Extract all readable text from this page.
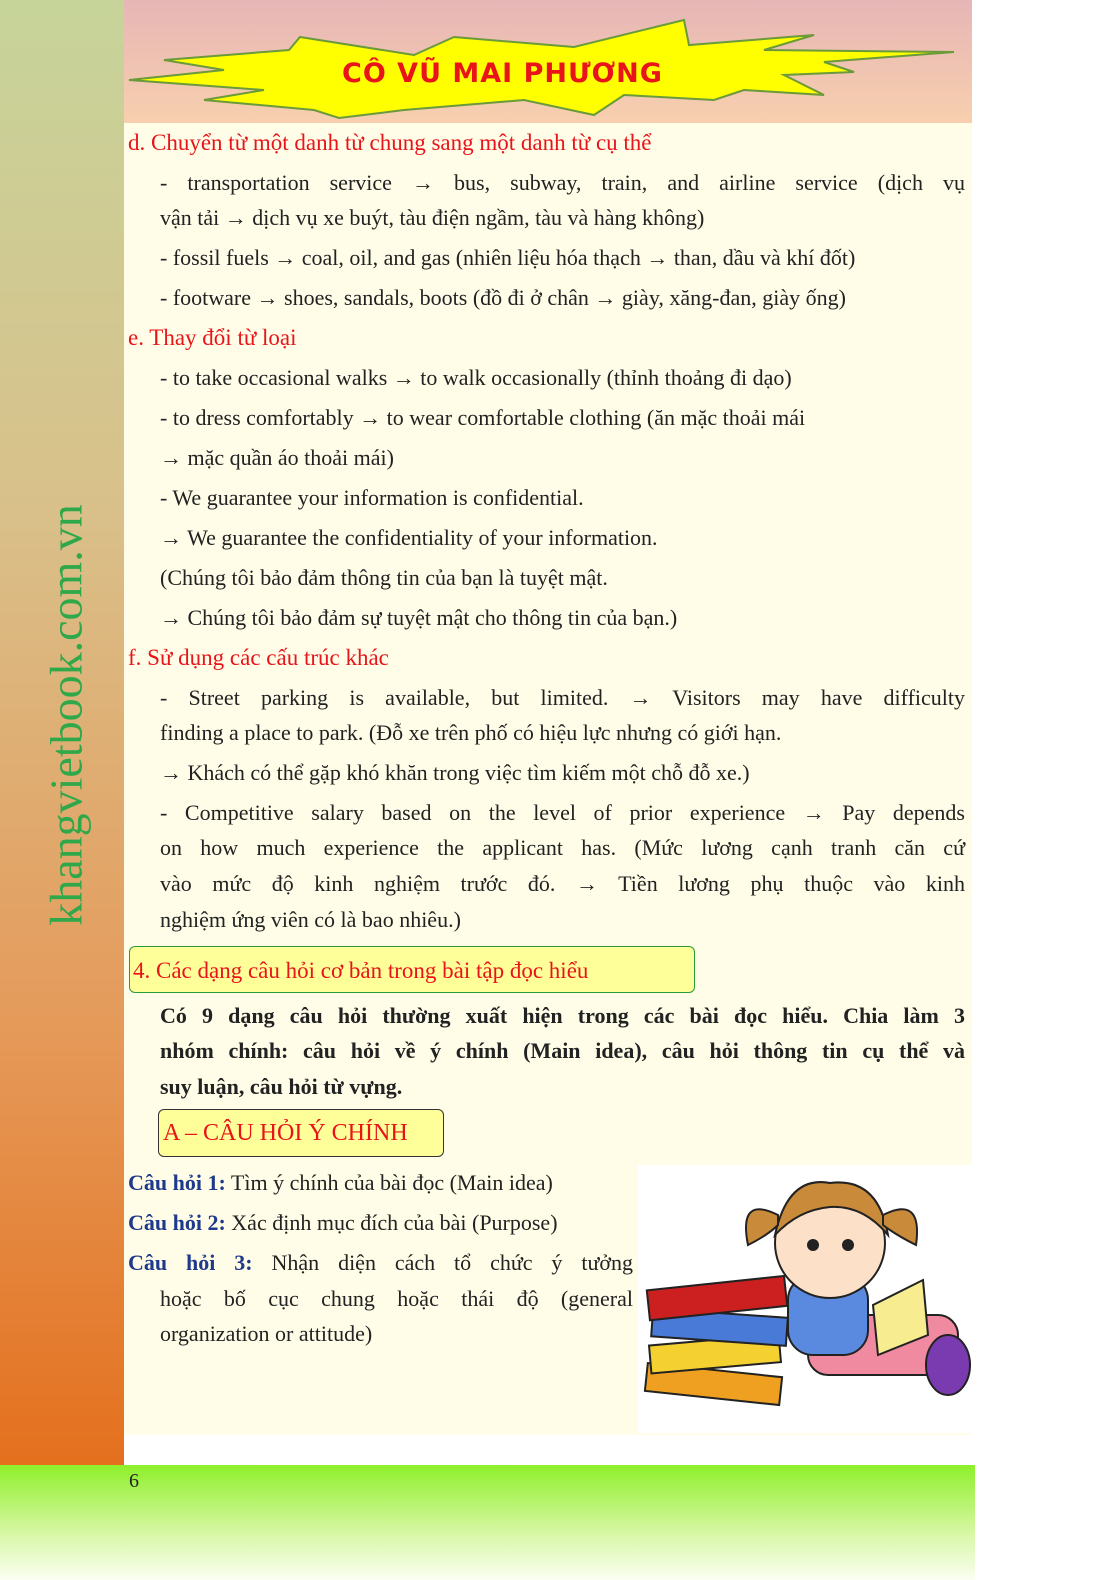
khangvietbook.com.vn
CÔ VŨ MAI PHƯƠNG
d. Chuyển từ một danh từ chung sang một danh từ cụ thể
- transportation service → bus, subway, train, and airline service (dịch vụ
vận tải → dịch vụ xe buýt, tàu điện ngầm, tàu và hàng không)
- fossil fuels → coal, oil, and gas (nhiên liệu hóa thạch → than, dầu và khí đốt)
- footware → shoes, sandals, boots (đồ đi ở chân → giày, xăng-đan, giày ống)
e. Thay đổi từ loại
- to take occasional walks → to walk occasionally (thỉnh thoảng đi dạo)
- to dress comfortably → to wear comfortable clothing (ăn mặc thoải mái
→ mặc quần áo thoải mái)
- We guarantee your information is confidential.
→ We guarantee the confidentiality of your information.
(Chúng tôi bảo đảm thông tin của bạn là tuyệt mật.
→ Chúng tôi bảo đảm sự tuyệt mật cho thông tin của bạn.)
f. Sử dụng các cấu trúc khác
- Street parking is available, but limited. → Visitors may have difficulty
finding a place to park. (Đỗ xe trên phố có hiệu lực nhưng có giới hạn.
→ Khách có thể gặp khó khăn trong việc tìm kiếm một chỗ đỗ xe.)
- Competitive salary based on the level of prior experience → Pay depends
on how much experience the applicant has. (Mức lương cạnh tranh căn cứ
vào mức độ kinh nghiệm trước đó. → Tiền lương phụ thuộc vào kinh
nghiệm ứng viên có là bao nhiêu.)
4. Các dạng câu hỏi cơ bản trong bài tập đọc hiểu
Có 9 dạng câu hỏi thường xuất hiện trong các bài đọc hiểu. Chia làm 3
nhóm chính: câu hỏi về ý chính (Main idea), câu hỏi thông tin cụ thể và
suy luận, câu hỏi từ vựng.
A – CÂU HỎI Ý CHÍNH
Câu hỏi 1: Tìm ý chính của bài đọc (Main idea)
Câu hỏi 2: Xác định mục đích của bài (Purpose)
Câu hỏi 3: Nhận diện cách tổ chức ý tưởng
hoặc bố cục chung hoặc thái độ (general
organization or attitude)
6
